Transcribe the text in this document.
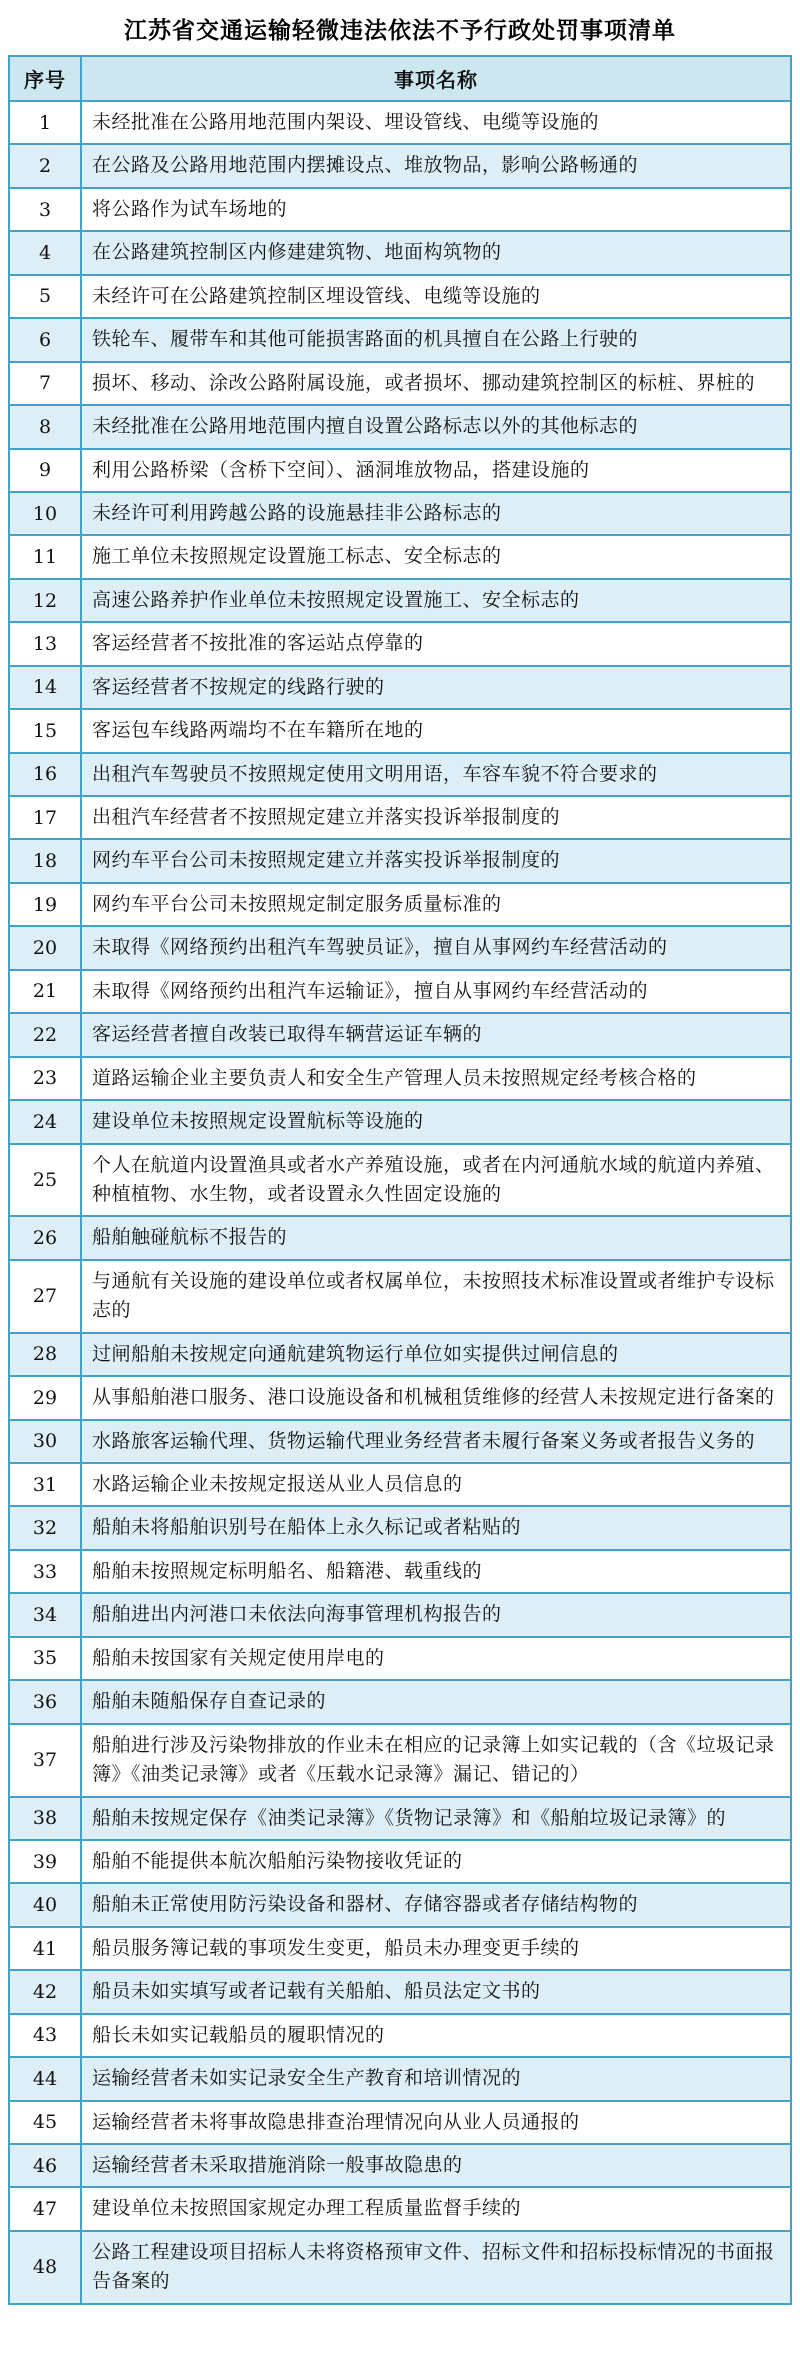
江苏省交通运输轻微违法依法不予行政处罚事项清单
序号	事项名称
1	未经批准在公路用地范围内架设、埋设管线、电缆等设施的
2	在公路及公路用地范围内摆摊设点、堆放物品，影响公路畅通的
3	将公路作为试车场地的
4	在公路建筑控制区内修建建筑物、地面构筑物的
5	未经许可在公路建筑控制区埋设管线、电缆等设施的
6	铁轮车、履带车和其他可能损害路面的机具擅自在公路上行驶的
7	损坏、移动、涂改公路附属设施，或者损坏、挪动建筑控制区的标桩、界桩的
8	未经批准在公路用地范围内擅自设置公路标志以外的其他标志的
9	利用公路桥梁（含桥下空间）、涵洞堆放物品，搭建设施的
10	未经许可利用跨越公路的设施悬挂非公路标志的
11	施工单位未按照规定设置施工标志、安全标志的
12	高速公路养护作业单位未按照规定设置施工、安全标志的
13	客运经营者不按批准的客运站点停靠的
14	客运经营者不按规定的线路行驶的
15	客运包车线路两端均不在车籍所在地的
16	出租汽车驾驶员不按照规定使用文明用语，车容车貌不符合要求的
17	出租汽车经营者不按照规定建立并落实投诉举报制度的
18	网约车平台公司未按照规定建立并落实投诉举报制度的
19	网约车平台公司未按照规定制定服务质量标准的
20	未取得《网络预约出租汽车驾驶员证》，擅自从事网约车经营活动的
21	未取得《网络预约出租汽车运输证》，擅自从事网约车经营活动的
22	客运经营者擅自改装已取得车辆营运证车辆的
23	道路运输企业主要负责人和安全生产管理人员未按照规定经考核合格的
24	建设单位未按照规定设置航标等设施的
25	个人在航道内设置渔具或者水产养殖设施，或者在内河通航水域的航道内养殖、种植植物、水生物，或者设置永久性固定设施的
26	船舶触碰航标不报告的
27	与通航有关设施的建设单位或者权属单位，未按照技术标准设置或者维护专设标志的
28	过闸船舶未按规定向通航建筑物运行单位如实提供过闸信息的
29	从事船舶港口服务、港口设施设备和机械租赁维修的经营人未按规定进行备案的
30	水路旅客运输代理、货物运输代理业务经营者未履行备案义务或者报告义务的
31	水路运输企业未按规定报送从业人员信息的
32	船舶未将船舶识别号在船体上永久标记或者粘贴的
33	船舶未按照规定标明船名、船籍港、载重线的
34	船舶进出内河港口未依法向海事管理机构报告的
35	船舶未按国家有关规定使用岸电的
36	船舶未随船保存自查记录的
37	船舶进行涉及污染物排放的作业未在相应的记录簿上如实记载的（含《垃圾记录簿》《油类记录簿》或者《压载水记录簿》漏记、错记的）
38	船舶未按规定保存《油类记录簿》《货物记录簿》和《船舶垃圾记录簿》的
39	船舶不能提供本航次船舶污染物接收凭证的
40	船舶未正常使用防污染设备和器材、存储容器或者存储结构物的
41	船员服务簿记载的事项发生变更，船员未办理变更手续的
42	船员未如实填写或者记载有关船舶、船员法定文书的
43	船长未如实记载船员的履职情况的
44	运输经营者未如实记录安全生产教育和培训情况的
45	运输经营者未将事故隐患排查治理情况向从业人员通报的
46	运输经营者未采取措施消除一般事故隐患的
47	建设单位未按照国家规定办理工程质量监督手续的
48	公路工程建设项目招标人未将资格预审文件、招标文件和招标投标情况的书面报告备案的
